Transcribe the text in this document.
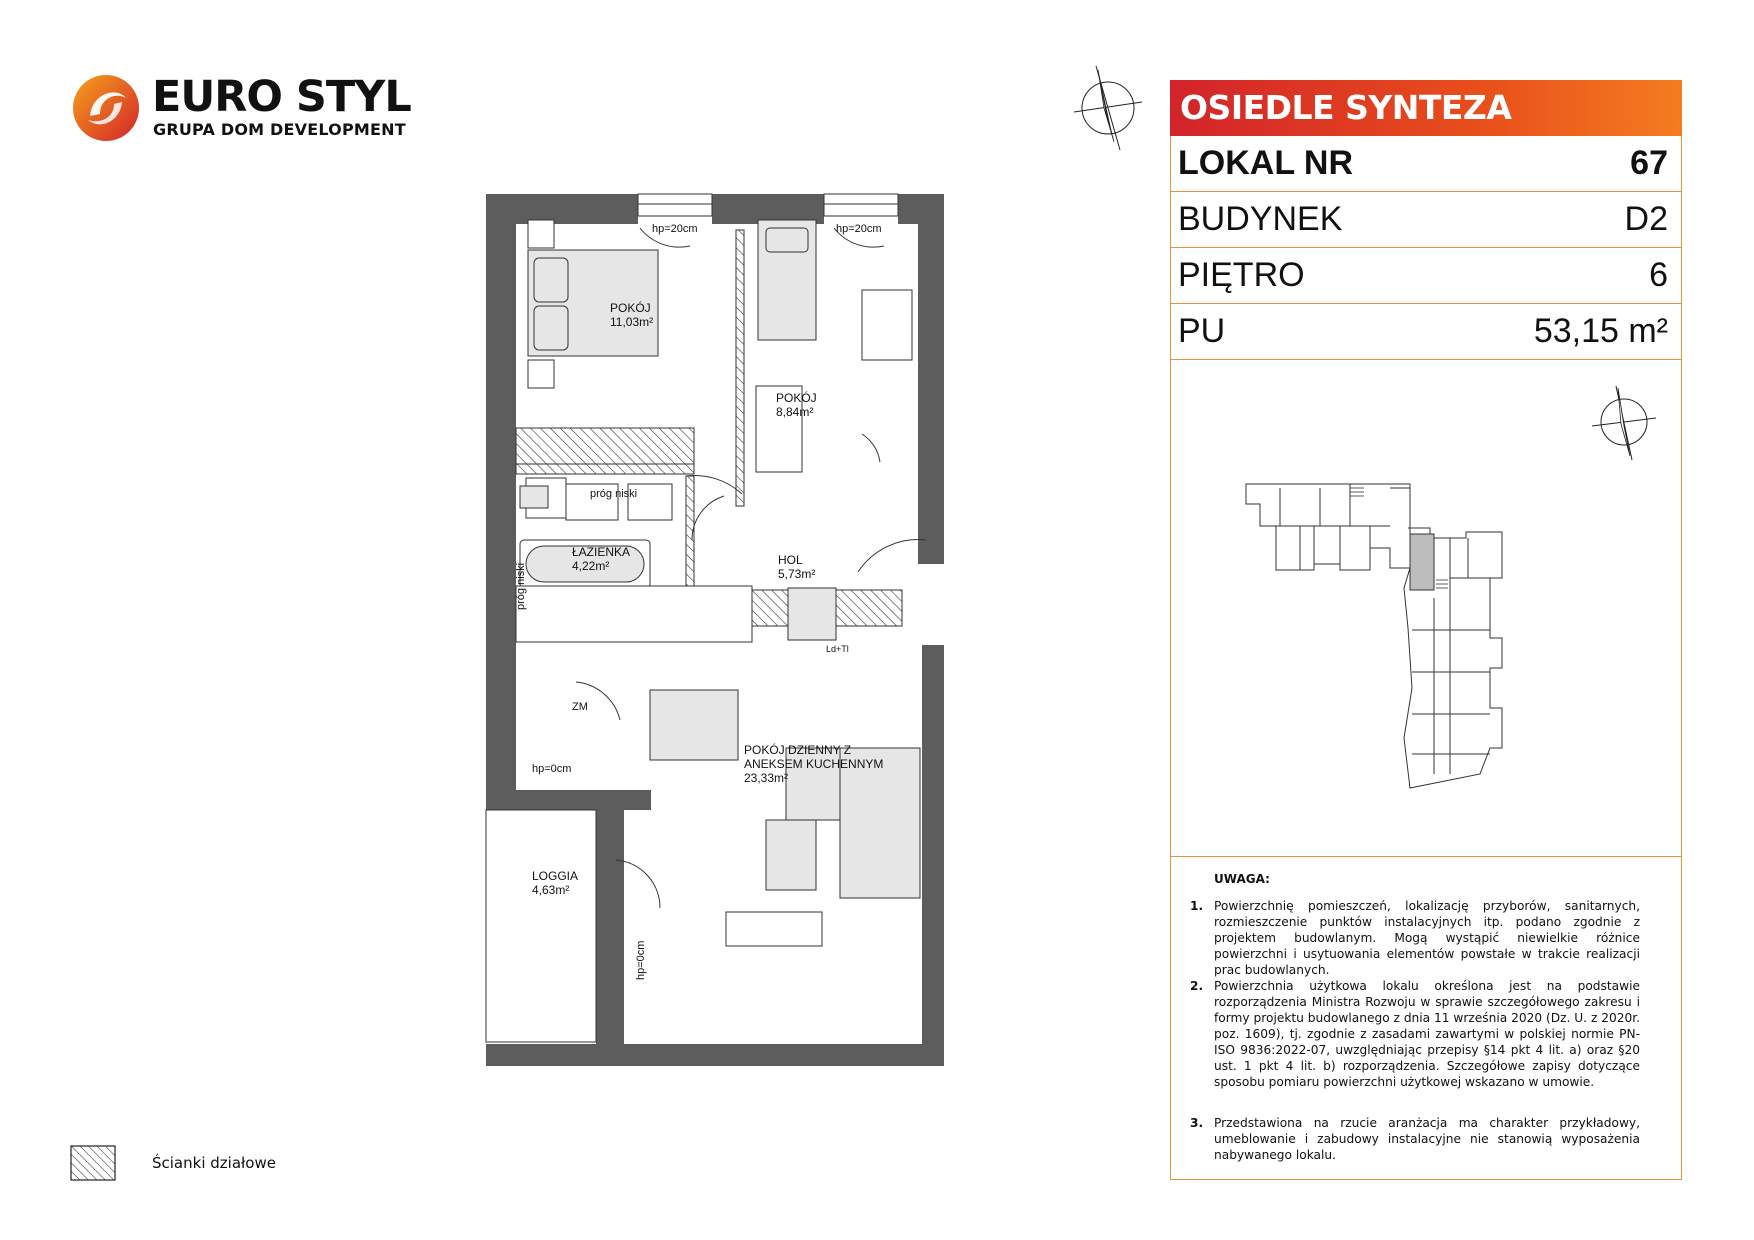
EURO STYL
GRUPA DOM DEVELOPMENT
OSIEDLE SYNTEZA
LOKAL NR	67
BUDYNEK	D2
PIĘTRO	6
PU	53,15 m²
UWAGA:
1. Powierzchnię pomieszczeń, lokalizację przyborów, sanitarnych, rozmieszczenie punktów instalacyjnych itp. podano zgodnie z projektem budowlanym. Mogą wystąpić niewielkie różnice powierzchni i usytuowania elementów powstałe w trakcie realizacji prac budowlanych.
2. Powierzchnia użytkowa lokalu określona jest na podstawie rozporządzenia Ministra Rozwoju w sprawie szczegółowego zakresu i formy projektu budowlanego z dnia 11 września 2020 (Dz. U. z 2020r. poz. 1609), tj. zgodnie z zasadami zawartymi w polskiej normie PN-ISO 9836:2022-07, uwzględniając przepisy §14 pkt 4 lit. a) oraz §20 ust. 1 pkt 4 lit. b) rozporządzenia. Szczegółowe zapisy dotyczące sposobu pomiaru powierzchni użytkowej wskazano w umowie.
3. Przedstawiona na rzucie aranżacja ma charakter przykładowy, umeblowanie i zabudowy instalacyjne nie stanowią wyposażenia nabywanego lokalu.
Ścianki działowe
POKÓJ
11,03m²
POKÓJ
8,84m²
ŁAZIENKA
4,22m²	HOL
5,73m²
POKÓJ DZIENNY Z
ANEKSEM KUCHENNYM
23,33m²
LOGGIA
4,63m²
hp=20cm	hp=20cm
hp=0cm
hp=0cm
próg niski
próg niski
ZM
Ld+Tl
